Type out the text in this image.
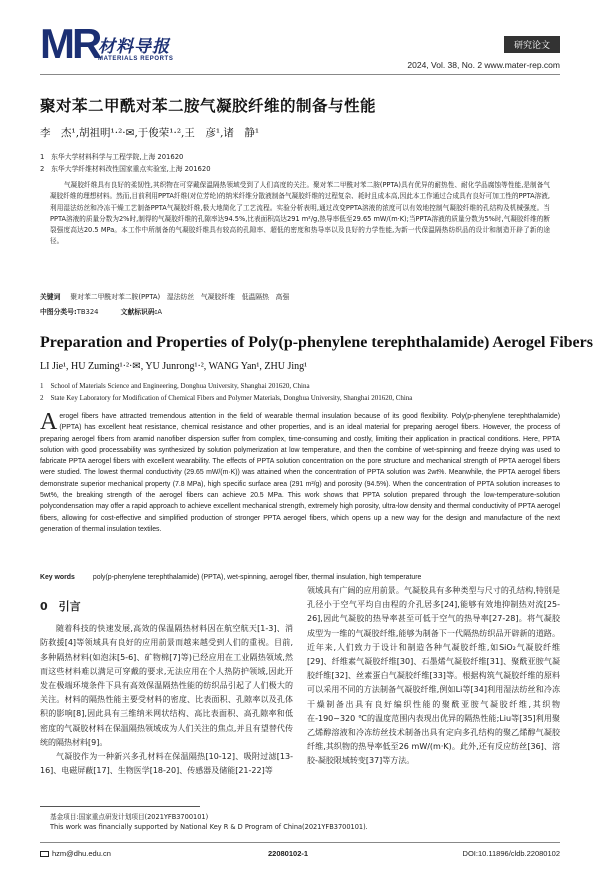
MR
材料导报
MATERIALS REPORTS
研究论文
2024, Vol. 38, No. 2 www.mater-rep.com
聚对苯二甲酰对苯二胺气凝胶纤维的制备与性能
李　杰¹,胡祖明¹·²·✉,于俊荣¹·²,王　彦¹,诸　静¹
1　东华大学材料科学与工程学院,上海 201620
2　东华大学纤维材料改性国家重点实验室,上海 201620
气凝胶纤维具有良好的柔韧性,其织物在可穿戴保温隔热领域受到了人们高度的关注。聚对苯二甲酰对苯二胺(PPTA)具有优异的耐热性、耐化学品腐蚀等性能,是制备气凝胶纤维的理想材料。然而,目前利用PPTA纤维(对位芳纶)的纳米纤维分散液制备气凝胶纤维的过程复杂、耗时且成本高,因此本工作通过合成具有良好可加工性的PPTA溶液,利用湿法纺丝和冷冻干燥工艺制备PPTA气凝胶纤维,极大地简化了工艺流程。实验分析表明,通过改变PPTA溶液的浓度可以有效地控制气凝胶纤维的孔结构及机械强度。当PPTA溶液的质量分数为2%时,制得的气凝胶纤维的孔隙率达94.5%,比表面积高达291 m²/g,热导率低至29.65 mW/(m·K);当PPTA溶液的质量分数为5%时,气凝胶纤维的断裂强度高达20.5 MPa。本工作中所制备的气凝胶纤维具有较高的孔隙率、超低的密度和热导率以及良好的力学性能,为新一代保温隔热纺织品的设计和制造开辟了新的途径。
关键词 聚对苯二甲酰对苯二胺(PPTA)　湿法纺丝　气凝胶纤维　低温隔热　高强
中图分类号:TB324	文献标识码:A
Preparation and Properties of Poly(p-phenylene terephthalamide) Aerogel Fibers
LI Jie¹, HU Zuming¹·²·✉, YU Junrong¹·², WANG Yan¹, ZHU Jing¹
1　School of Materials Science and Engineering, Donghua University, Shanghai 201620, China
2　State Key Laboratory for Modification of Chemical Fibers and Polymer Materials, Donghua University, Shanghai 201620, China
Aerogel fibers have attracted tremendous attention in the field of wearable thermal insulation because of its good flexibility. Poly(p-phenylene terephthalamide) (PPTA) has excellent heat resistance, chemical resistance and other properties, and is an ideal material for preparing aerogel fibers. However, the process of preparing aerogel fibers from aramid nanofiber dispersion suffer from complex, time-consuming and costly, limiting their application in practical conditions. Here, PPTA solution with good processability was synthesized by solution polymerization at low temperature, and then the combine of wet-spinning and freeze drying was used to fabricate PPTA aerogel fibers with excellent wearability. The effects of PPTA solution concentration on the pore structure and mechanical strength of PPTA aerogel fibers were studied. The lowest thermal conductivity (29.65 mW/(m·K)) was attained when the concentration of PPTA solution was 2wt%. Meanwhile, the PPTA aerogel fibers demonstrate superior mechanical property (7.8 MPa), high specific surface area (291 m²/g) and porosity (94.5%). When the concentration of PPTA solution increases to 5wt%, the breaking strength of the aerogel fibers can achieve 20.5 MPa. This work shows that PPTA solution prepared through the low-temperature-solution polycondensation may offer a rapid approach to achieve excellent mechanical strength, extremely high porosity, ultra-low density and thermal conductivity of PPTA aerogel fibers, allowing for cost-effective and simplified production of stronger PPTA aerogel fibers, which opens up a new way for the design and manufacture of the next generation of thermal insulation textiles.
Key words	poly(p-phenylene terephthalamide) (PPTA), wet-spinning, aerogel fiber, thermal insulation, high temperature
0　引言

随着科技的快速发展,高效的保温隔热材料因在航空航天[1-3]、消防救援[4]等领域具有良好的应用前景而越来越受到人们的重视。目前,多种隔热材料(如泡沫[5-6]、矿物棉[7]等)已经应用在工业隔热领域,然而这些材料难以满足可穿戴的要求,无法应用在个人热防护领域,因此开发在极端环境条件下具有高效保温隔热性能的纺织品引起了人们极大的关注。材料的隔热性能主要受材料的密度、比表面积、孔隙率以及孔体积的影响[8],因此具有三维纳米网状结构、高比表面积、高孔隙率和低密度的气凝胶材料在保温隔热领域成为人们关注的焦点,并且有望替代传统的隔热材料[9]。

气凝胶作为一种新兴多孔材料在保温隔热[10-12]、吸附过滤[13-16]、电磁屏蔽[17]、生物医学[18-20]、传感器及储能[21-22]等

领域具有广阔的应用前景。气凝胶具有多种类型与尺寸的孔结构,特别是孔径小于空气平均自由程的介孔居多[24],能够有效地抑制热对流[25-26],因此气凝胶的热导率甚至可低于空气的热导率[27-28]。将气凝胶成型为一维的气凝胶纤维,能够为制备下一代隔热纺织品开辟新的道路。近年来,人们致力于设计和制造各种气凝胶纤维,如SiO₂气凝胶纤维[29]、纤维素气凝胶纤维[30]、石墨烯气凝胶纤维[31]、聚酰亚胺气凝胶纤维[32]、丝素蛋白气凝胶纤维[33]等。根据构筑气凝胶纤维的原料可以采用不同的方法制备气凝胶纤维,例如Li等[34]利用湿法纺丝和冷冻干燥制备出具有良好编织性能的聚酰亚胺气凝胶纤维,其织物在-190~320 ℃的温度范围内表现出优异的隔热性能;Liu等[35]利用聚乙烯醇溶液和冷冻纺丝技术制备出具有定向多孔结构的聚乙烯醇气凝胶纤维,其织物的热导率低至26 mW/(m·K)。此外,还有反应纺丝[36]、溶胶-凝胶限域转变[37]等方法。

基金项目:国家重点研发计划项目(2021YFB3700101)
This work was financially supported by National Key R & D Program of China(2021YFB3700101).
hzm@dhu.edu.cn	22080102-1	DOI:10.11896/cldb.22080102
